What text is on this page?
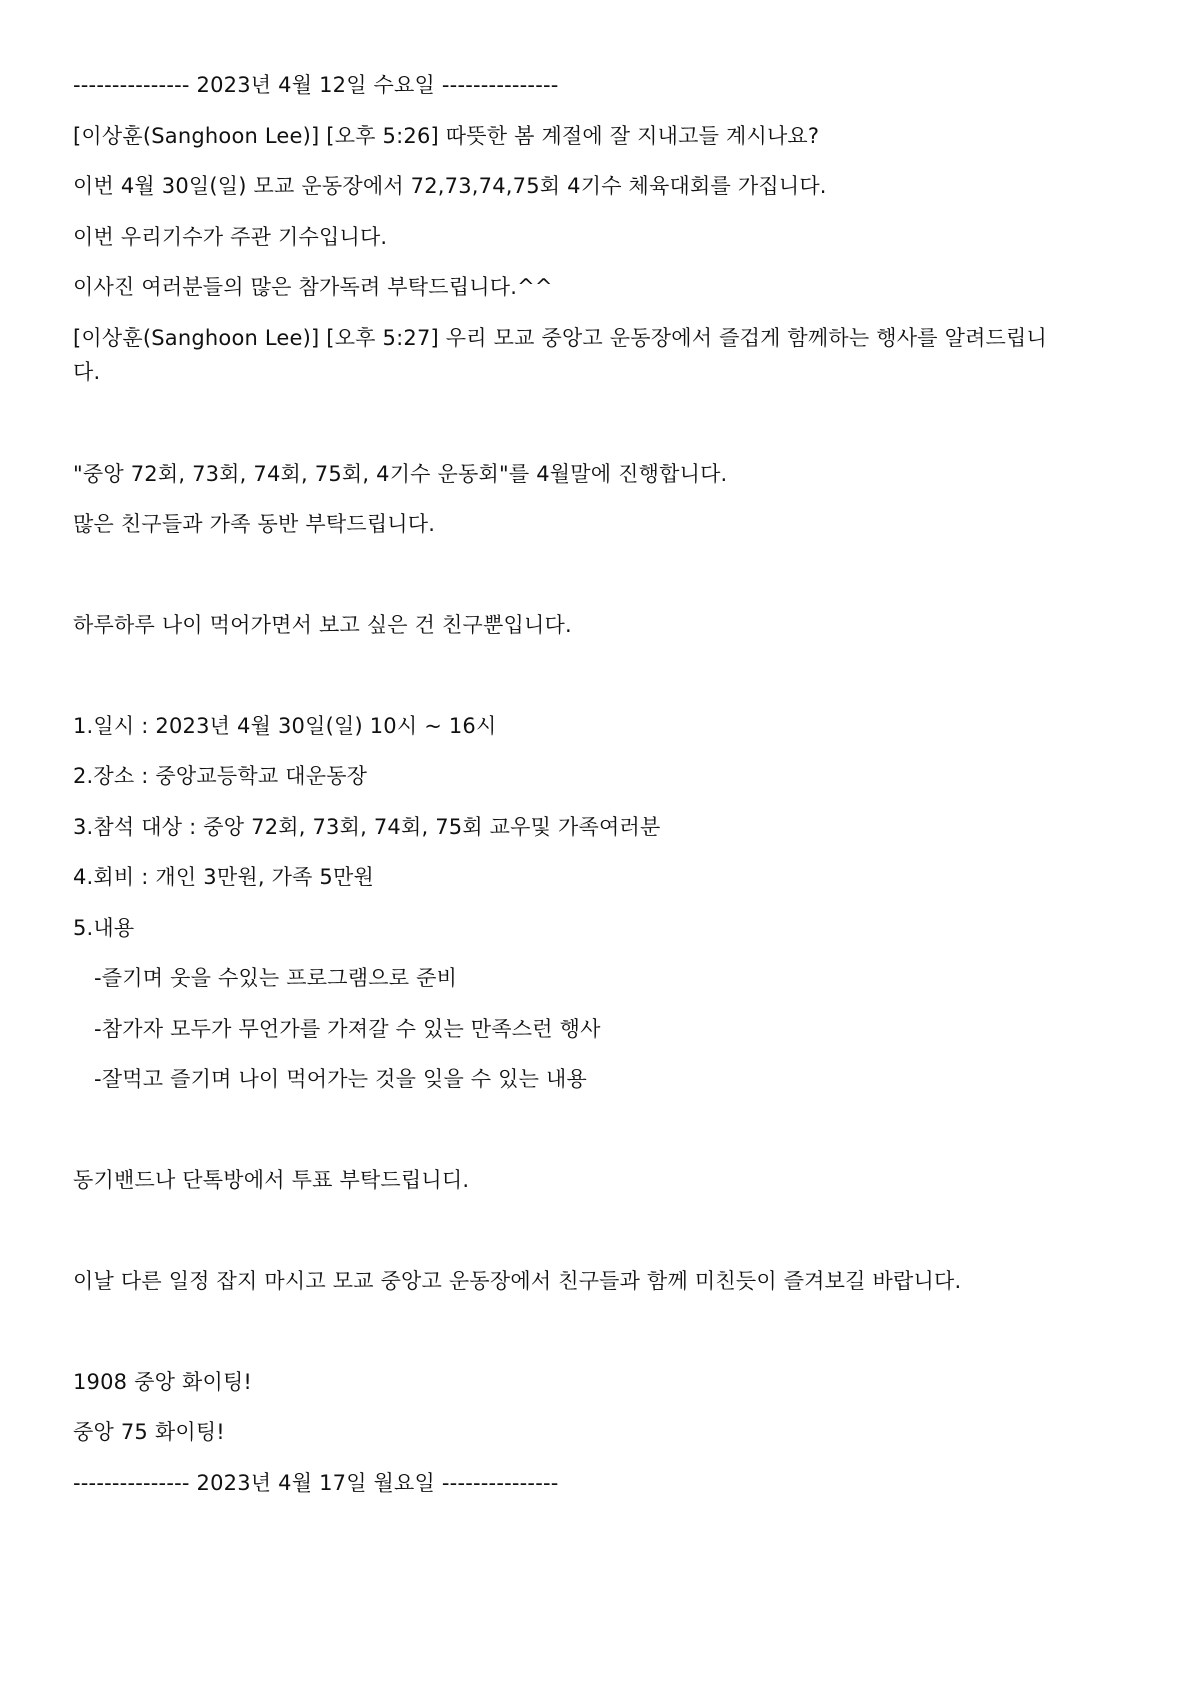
--------------- 2023년 4월 12일 수요일 ---------------
[이상훈(Sanghoon Lee)] [오후 5:26] 따뜻한 봄 계절에 잘 지내고들 계시나요?
이번 4월 30일(일) 모교 운동장에서 72,73,74,75회 4기수 체육대회를 가집니다.
이번 우리기수가 주관 기수입니다.
이사진 여러분들의 많은 참가독려 부탁드립니다.^^
[이상훈(Sanghoon Lee)] [오후 5:27] 우리 모교 중앙고 운동장에서 즐겁게 함께하는 행사를 알려드립니
다.
"중앙 72회, 73회, 74회, 75회, 4기수 운동회"를 4월말에 진행합니다.
많은 친구들과 가족 동반 부탁드립니다.
하루하루 나이 먹어가면서 보고 싶은 건 친구뿐입니다.
1.일시 : 2023년 4월 30일(일) 10시 ~ 16시
2.장소 : 중앙교등학교 대운동장
3.참석 대상 : 중앙 72회, 73회, 74회, 75회 교우및 가족여러분
4.회비 : 개인 3만원, 가족 5만원
5.내용
-즐기며 웃을 수있는 프로그램으로 준비
-참가자 모두가 무언가를 가져갈 수 있는 만족스런 행사
-잘먹고 즐기며 나이 먹어가는 것을 잊을 수 있는 내용
동기밴드나 단톡방에서 투표 부탁드립니디.
이날 다른 일정 잡지 마시고 모교 중앙고 운동장에서 친구들과 함께 미친듯이 즐겨보길 바랍니다.
1908 중앙 화이팅!
중앙 75 화이팅!
--------------- 2023년 4월 17일 월요일 ---------------
